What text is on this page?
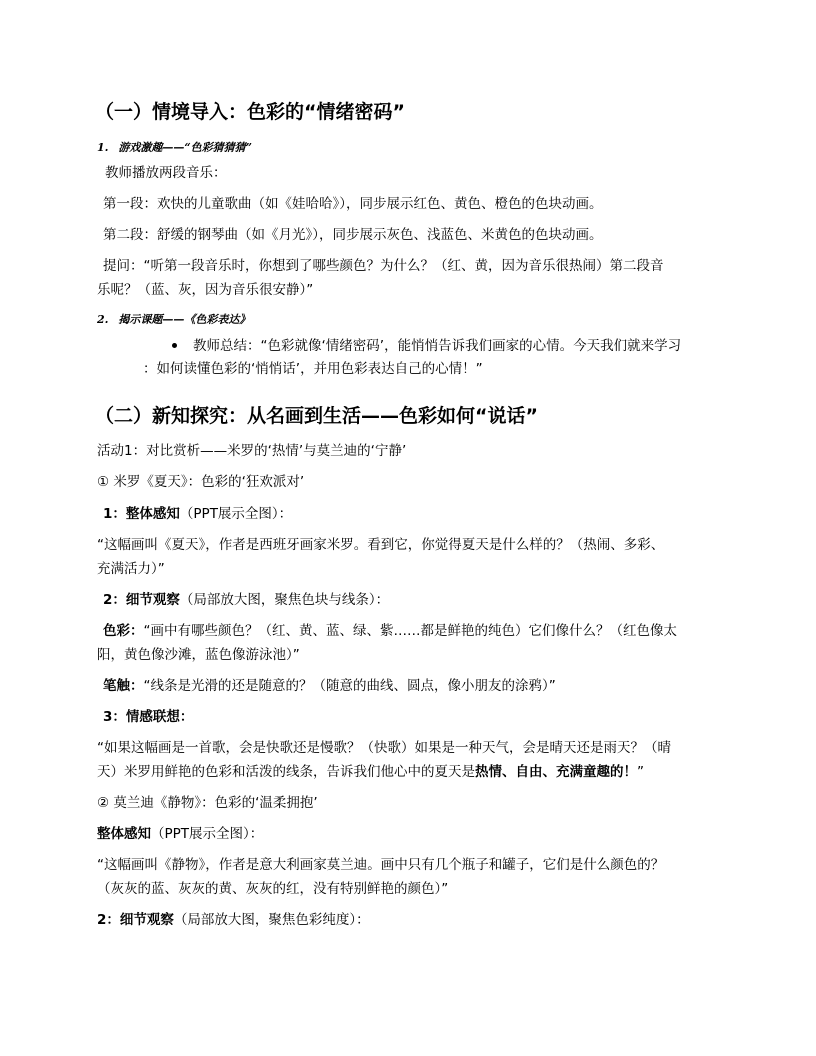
（一）情境导入：色彩的“情绪密码”
1. 游戏激趣——“色彩猜猜猜”
教师播放两段音乐：
第一段：欢快的儿童歌曲（如《娃哈哈》），同步展示红色、黄色、橙色的色块动画。
第二段：舒缓的钢琴曲（如《月光》），同步展示灰色、浅蓝色、米黄色的色块动画。
提问：“听第一段音乐时，你想到了哪些颜色？为什么？（红、黄，因为音乐很热闹）第二段音
乐呢？（蓝、灰，因为音乐很安静）”
2. 揭示课题——《色彩表达》
教师总结：“色彩就像‘情绪密码’，能悄悄告诉我们画家的心情。今天我们就来学习
：如何读懂色彩的‘悄悄话’，并用色彩表达自己的心情！”
（二）新知探究：从名画到生活——色彩如何“说话”
活动1：对比赏析——米罗的‘热情’与莫兰迪的‘宁静’
① 米罗《夏天》：色彩的‘狂欢派对’
1：整体感知（PPT展示全图）：
“这幅画叫《夏天》，作者是西班牙画家米罗。看到它，你觉得夏天是什么样的？（热闹、多彩、
充满活力）”
2：细节观察（局部放大图，聚焦色块与线条）：
色彩：“画中有哪些颜色？（红、黄、蓝、绿、紫……都是鲜艳的纯色）它们像什么？（红色像太
阳，黄色像沙滩，蓝色像游泳池）”
笔触：“线条是光滑的还是随意的？（随意的曲线、圆点，像小朋友的涂鸦）”
3：情感联想：
“如果这幅画是一首歌，会是快歌还是慢歌？（快歌）如果是一种天气，会是晴天还是雨天？（晴
天）米罗用鲜艳的色彩和活泼的线条，告诉我们他心中的夏天是热情、自由、充满童趣的！”
② 莫兰迪《静物》：色彩的‘温柔拥抱’
整体感知（PPT展示全图）：
“这幅画叫《静物》，作者是意大利画家莫兰迪。画中只有几个瓶子和罐子，它们是什么颜色的？
（灰灰的蓝、灰灰的黄、灰灰的红，没有特别鲜艳的颜色）”
2：细节观察（局部放大图，聚焦色彩纯度）：
